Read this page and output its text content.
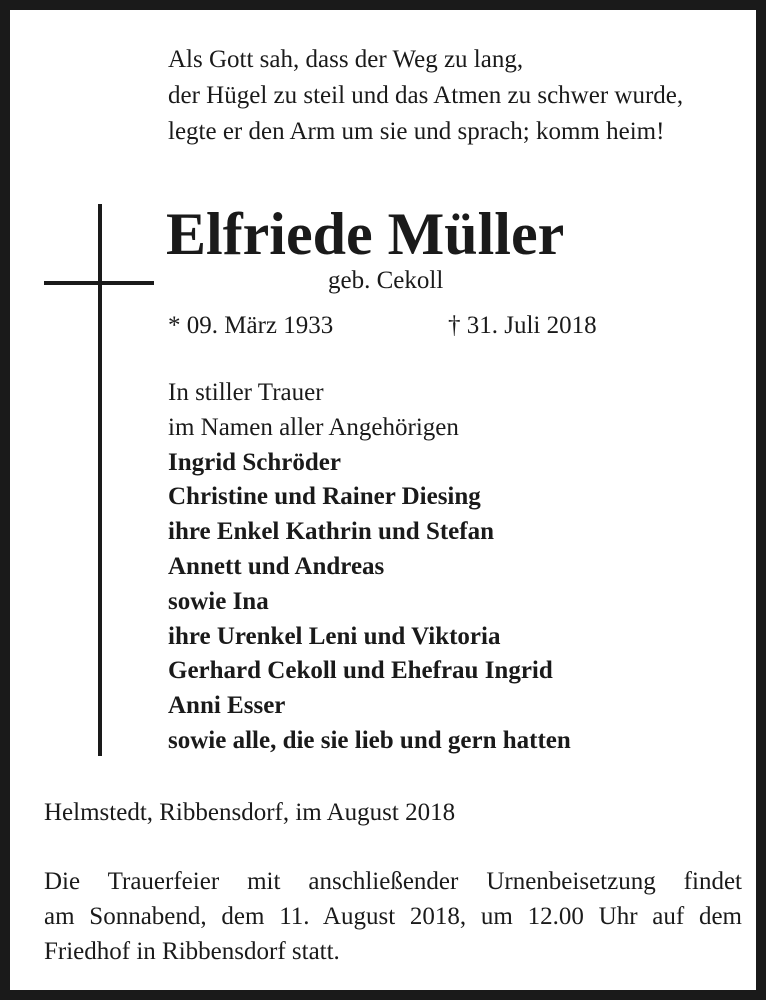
Als Gott sah, dass der Weg zu lang,
der Hügel zu steil und das Atmen zu schwer wurde,
legte er den Arm um sie und sprach; komm heim!
Elfriede Müller
geb. Cekoll
* 09. März 1933	† 31. Juli 2018
In stiller Trauer
im Namen aller Angehörigen
Ingrid Schröder
Christine und Rainer Diesing
ihre Enkel Kathrin und Stefan
Annett und Andreas
sowie Ina
ihre Urenkel Leni und Viktoria
Gerhard Cekoll und Ehefrau Ingrid
Anni Esser
sowie alle, die sie lieb und gern hatten
Helmstedt, Ribbensdorf, im August 2018
Die Trauerfeier mit anschließender Urnenbeisetzung findet
am Sonnabend, dem 11. August 2018, um 12.00 Uhr auf dem
Friedhof in Ribbensdorf statt.
